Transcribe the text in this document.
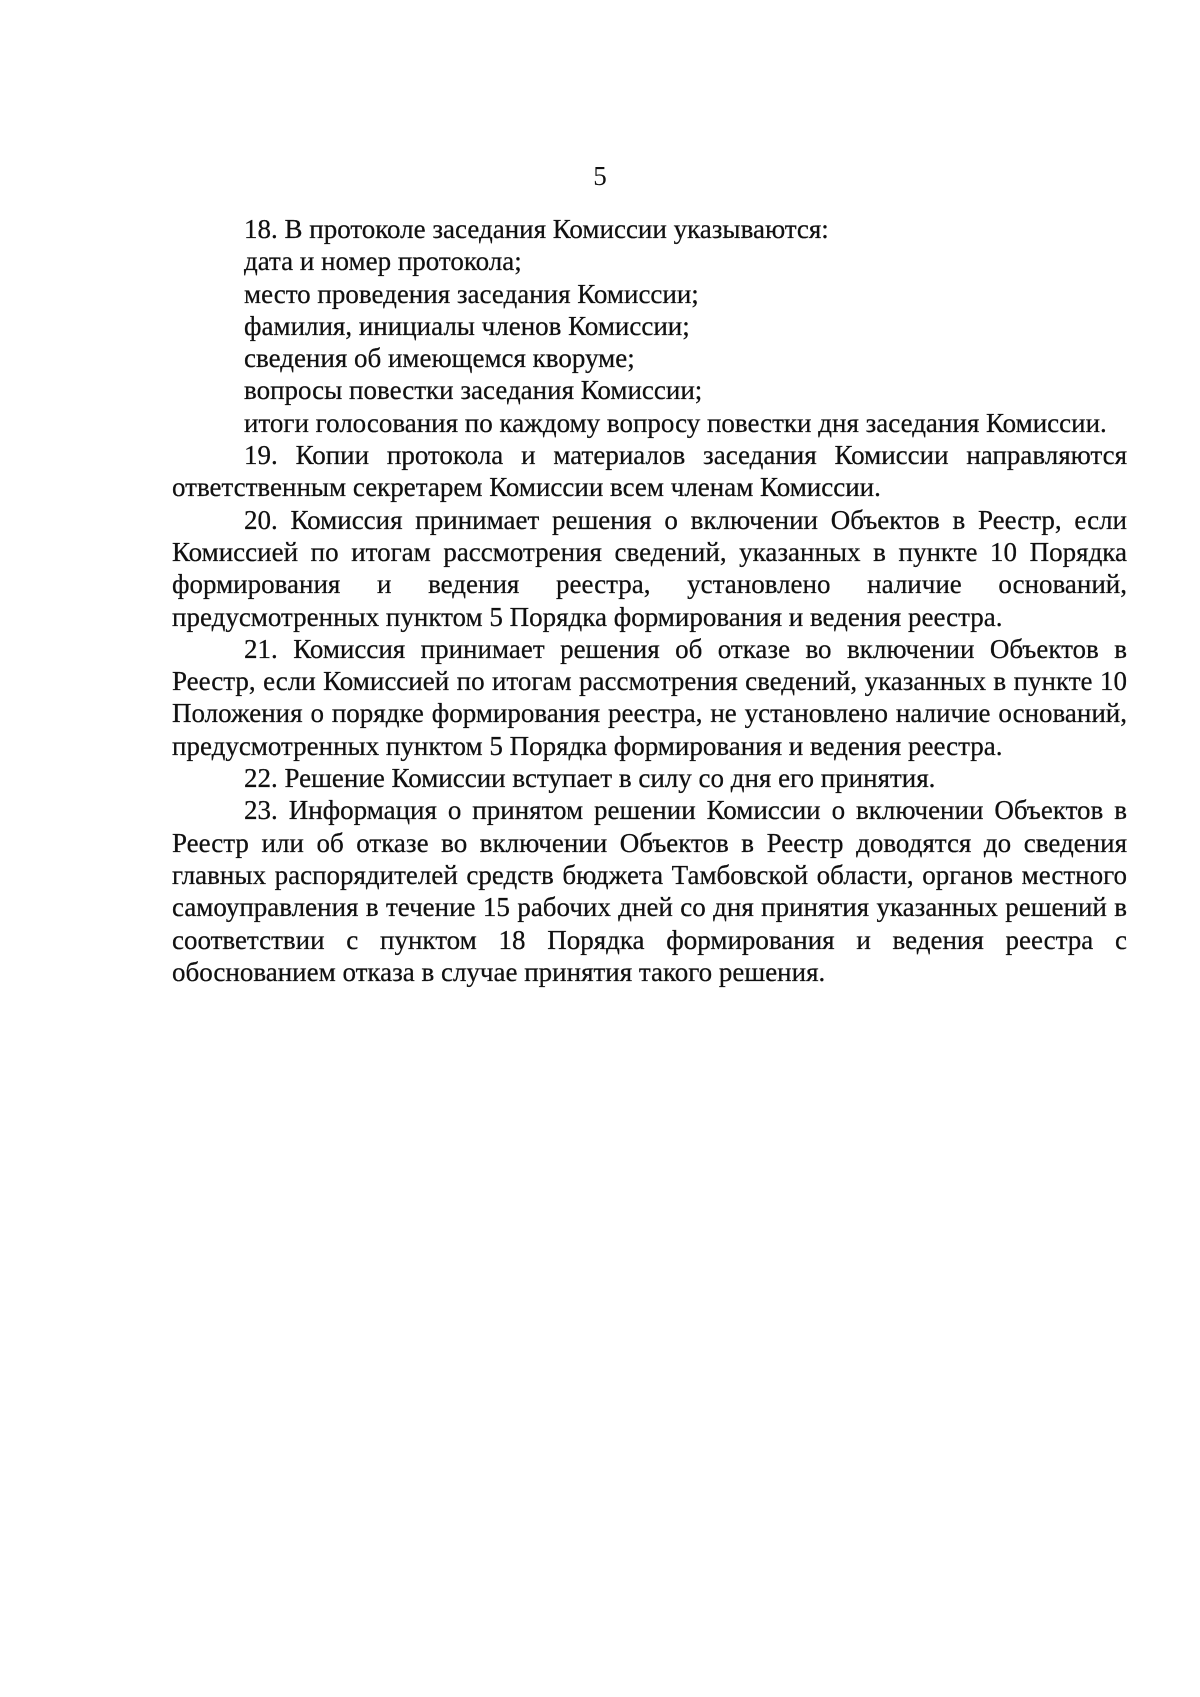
5

18. В протоколе заседания Комиссии указываются:

дата и номер протокола;

место проведения заседания Комиссии;

фамилия, инициалы членов Комиссии;

сведения об имеющемся кворуме;

вопросы повестки заседания Комиссии;

итоги голосования по каждому вопросу повестки дня заседания Комиссии.

19. Копии протокола и материалов заседания Комиссии направляются ответственным секретарем Комиссии всем членам Комиссии.

20. Комиссия принимает решения о включении Объектов в Реестр, если Комиссией по итогам рассмотрения сведений, указанных в пункте 10 Порядка формирования и ведения реестра, установлено наличие оснований, предусмотренных пунктом 5 Порядка формирования и ведения реестра.

21. Комиссия принимает решения об отказе во включении Объектов в Реестр, если Комиссией по итогам рассмотрения сведений, указанных в пункте 10 Положения о порядке формирования реестра, не установлено наличие оснований, предусмотренных пунктом 5 Порядка формирования и ведения реестра.

22. Решение Комиссии вступает в силу со дня его принятия.

23. Информация о принятом решении Комиссии о включении Объектов в Реестр или об отказе во включении Объектов в Реестр доводятся до сведения главных распорядителей средств бюджета Тамбовской области, органов местного самоуправления в течение 15 рабочих дней со дня принятия указанных решений в соответствии с пунктом 18 Порядка формирования и ведения реестра с обоснованием отказа в случае принятия такого решения.
